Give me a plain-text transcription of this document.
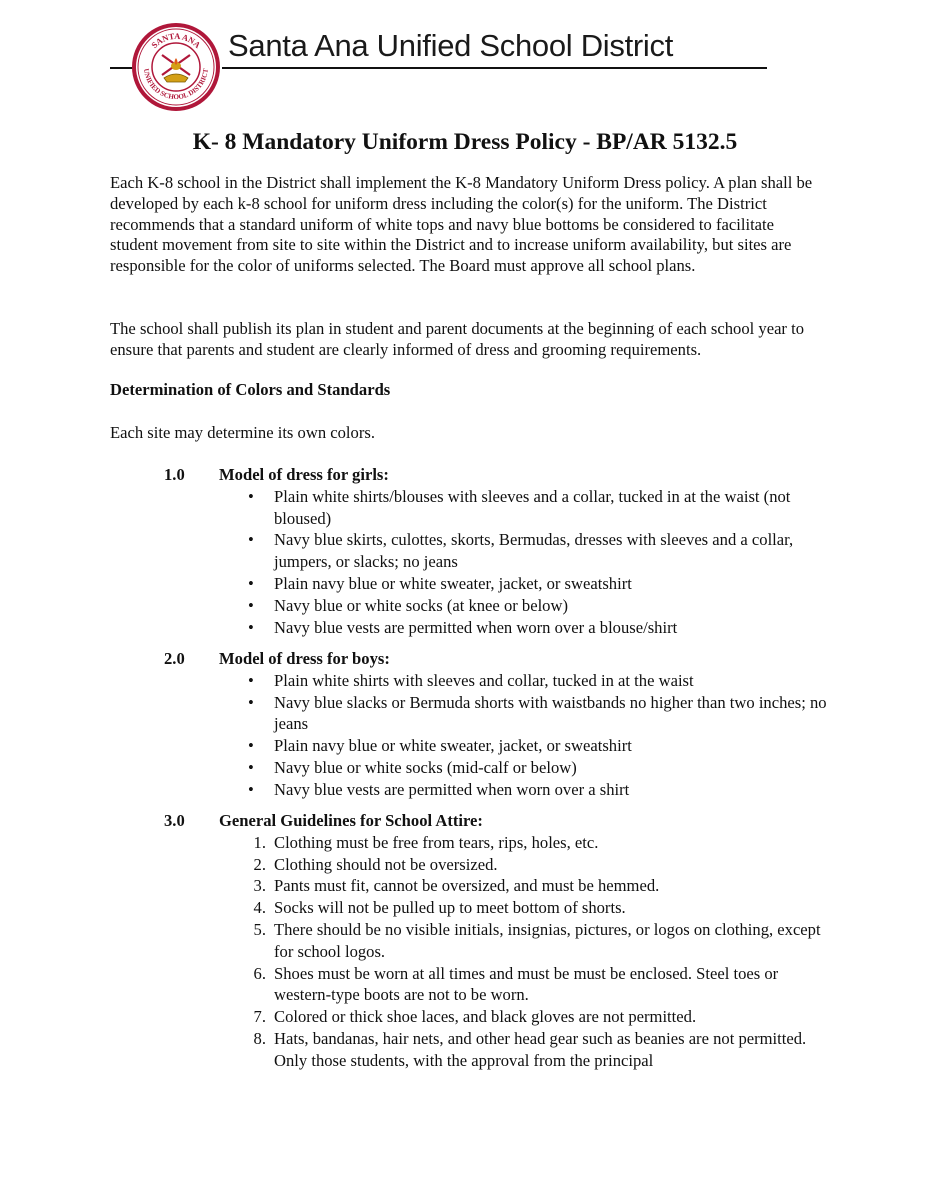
SANTA ANA
UNIFIED SCHOOL DISTRICT
Santa Ana Unified School District
K- 8 Mandatory Uniform Dress Policy - BP/AR 5132.5

Each K-8 school in the District shall implement the K-8 Mandatory Uniform Dress policy. A plan shall be developed by each k-8 school for uniform dress including the color(s) for the uniform. The District recommends that a standard uniform of white tops and navy blue bottoms be considered to facilitate student movement from site to site within the District and to increase uniform availability, but sites are responsible for the color of uniforms selected. The Board must approve all school plans.

The school shall publish its plan in student and parent documents at the beginning of each school year to ensure that parents and student are clearly informed of dress and grooming requirements.

Determination of Colors and Standards

Each site may determine its own colors.

1.0 Model of dress for girls:
• Plain white shirts/blouses with sleeves and a collar, tucked in at the waist (not bloused)
• Navy blue skirts, culottes, skorts, Bermudas, dresses with sleeves and a collar, jumpers, or slacks; no jeans
• Plain navy blue or white sweater, jacket, or sweatshirt
• Navy blue or white socks (at knee or below)
• Navy blue vests are permitted when worn over a blouse/shirt
2.0 Model of dress for boys:
• Plain white shirts with sleeves and collar, tucked in at the waist
• Navy blue slacks or Bermuda shorts with waistbands no higher than two inches; no jeans
• Plain navy blue or white sweater, jacket, or sweatshirt
• Navy blue or white socks (mid-calf or below)
• Navy blue vests are permitted when worn over a shirt
3.0 General Guidelines for School Attire:
1. Clothing must be free from tears, rips, holes, etc.
2. Clothing should not be oversized.
3. Pants must fit, cannot be oversized, and must be hemmed.
4. Socks will not be pulled up to meet bottom of shorts.
5. There should be no visible initials, insignias, pictures, or logos on clothing, except for school logos.
6. Shoes must be worn at all times and must be must be enclosed. Steel toes or western-type boots are not to be worn.
7. Colored or thick shoe laces, and black gloves are not permitted.
8. Hats, bandanas, hair nets, and other head gear such as beanies are not permitted. Only those students, with the approval from the principal
